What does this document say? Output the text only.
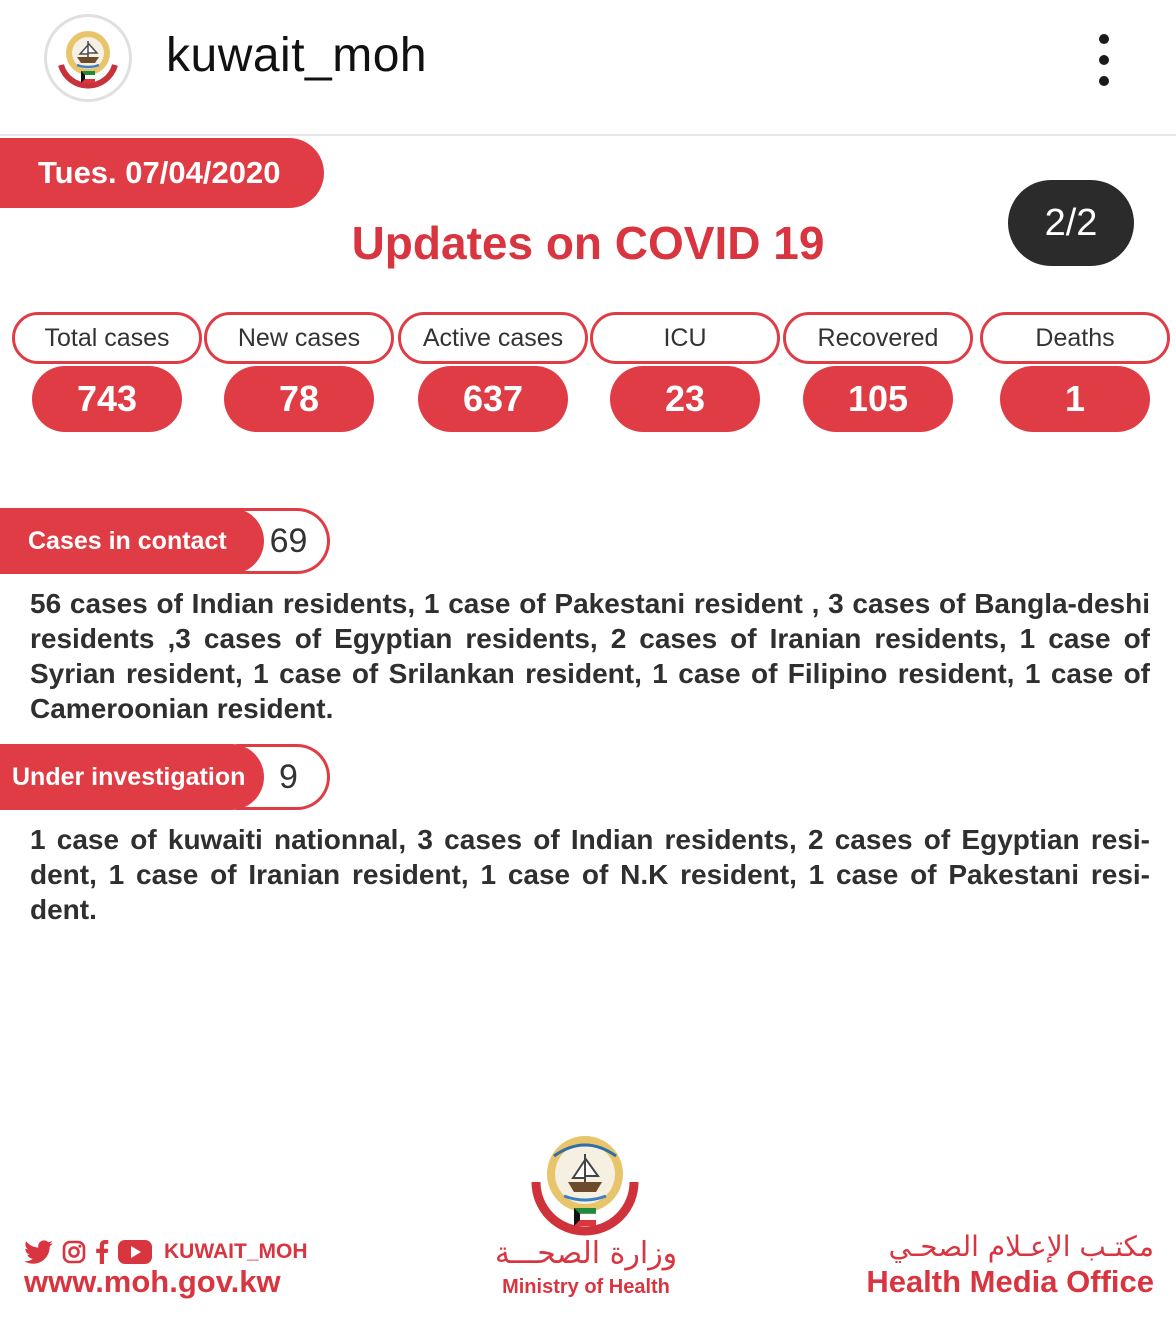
kuwait_moh
Tues. 07/04/2020
2/2
Updates on COVID 19
Total cases
743
New cases
78
Active cases
637
ICU
23
Recovered
105
Deaths
1
69
Cases in contact
56 cases of Indian residents, 1 case of Pakestani resident , 3 cases of Bangla-deshi residents ,3 cases of Egyptian residents, 2 cases of Iranian residents, 1 case of Syrian resident, 1 case of Srilankan resident, 1 case of Filipino resident, 1 case of Cameroonian resident.
9
Under investigation
1 case of kuwaiti nationnal, 3 cases of Indian residents, 2 cases of Egyptian resi-dent, 1 case of Iranian resident, 1 case of N.K resident, 1 case of Pakestani resi-dent.
KUWAIT_MOH
www.moh.gov.kw
وزارة الصحـــة
Ministry of Health
مكتـب الإعـلام الصحـي
Health Media Office
